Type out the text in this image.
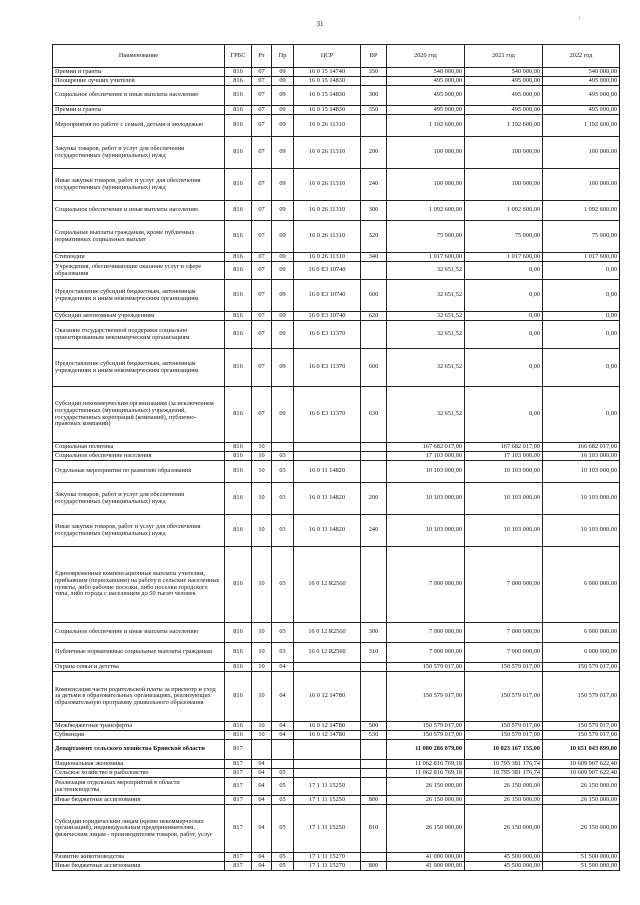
31
·
Наименование	ГРБС	Рз	Пр	ЦСР	ВР	2020 год	2021 год	2022 год
Премии и гранты	816	07	09	16 0 15 14740	350	540 000,00	540 000,00	540 000,00
Поощрение лучших учителей	816	07	09	16 0 15 14830		495 000,00	495 000,00	495 000,00
Социальное обеспечение и иные выплаты населению	816	07	09	16 0 15 14830	300	495 000,00	495 000,00	495 000,00
Премии и гранты	816	07	09	16 0 15 14830	350	495 000,00	495 000,00	495 000,00
Мероприятия по работе с семьей, детьми и молодежью	816	07	09	16 0 26 11310		1 192 600,00	1 192 600,00	1 192 600,00
Закупка товаров, работ и услуг для обеспечения государственных (муниципальных) нужд	816	07	09	16 0 26 11310	200	100 000,00	100 000,00	100 000,00
Иные закупки товаров, работ и услуг для обеспечения государственных (муниципальных) нужд	816	07	09	16 0 26 11310	240	100 000,00	100 000,00	100 000,00
Социальное обеспечение и иные выплаты населению	816	07	09	16 0 26 11310	300	1 092 600,00	1 092 600,00	1 092 600,00
Социальные выплаты гражданам, кроме публичных нормативных социальных выплат	816	07	09	16 0 26 11310	320	75 000,00	75 000,00	75 000,00
Стипендии	816	07	09	16 0 26 11310	340	1 017 600,00	1 017 600,00	1 017 600,00
Учреждения, обеспечивающие оказание услуг в сфере образования	816	07	09	16 0 Е3 10740		32 651,52	0,00	0,00
Предоставление субсидий бюджетным, автономным учреждениям и иным некоммерческим организациям	816	07	09	16 0 Е3 10740	600	32 651,52	0,00	0,00
Субсидии автономным учреждениям	816	07	09	16 0 Е3 10740	620	32 651,52	0,00	0,00
Оказание государственной поддержки социально ориентированным некоммерческим организациям	816	07	09	16 0 Е3 11370		32 651,52	0,00	0,00
Предоставление субсидий бюджетным, автономным учреждениям и иным некоммерческим организациям	816	07	09	16 0 Е3 11370	600	32 651,52	0,00	0,00
Субсидии некоммерческим организациям (за исключением государственных (муниципальных) учреждений, государственных корпораций (компаний), публично-правовых компаний)	816	07	09	16 0 Е3 11370	630	32 651,52	0,00	0,00
Социальная политика	816	10				167 682 017,00	167 682 017,00	166 682 017,00
Социальное обеспечение населения	816	10	03			17 103 000,00	17 103 000,00	16 103 000,00
Отдельные мероприятия по развитию образования	816	10	03	16 0 11 14820		10 103 000,00	10 103 000,00	10 103 000,00
Закупка товаров, работ и услуг для обеспечения государственных (муниципальных) нужд	816	10	03	16 0 11 14820	200	10 103 000,00	10 103 000,00	10 103 000,00
Иные закупки товаров, работ и услуг для обеспечения государственных (муниципальных) нужд	816	10	03	16 0 11 14820	240	10 103 000,00	10 103 000,00	10 103 000,00
Единовременные компенсационные выплаты учителям, прибывшим (переехавшим) на работу в сельские населенные пункты, либо рабочие поселки, либо поселки городского типа, либо города с населением до 50 тысяч человек	816	10	03	16 0 12 R2560		7 000 000,00	7 000 000,00	6 000 000,00
Социальное обеспечение и иные выплаты населению	816	10	03	16 0 12 R2560	300	7 000 000,00	7 000 000,00	6 000 000,00
Публичные нормативные социальные выплаты гражданам	816	10	03	16 0 12 R2560	310	7 000 000,00	7 000 000,00	6 000 000,00
Охрана семьи и детства	816	10	04			150 579 017,00	150 579 017,00	150 579 017,00
Компенсация части родительской платы за присмотр и уход за детьми в образовательных организациях, реализующих образовательную программу дошкольного образования	816	10	04	16 0 12 14780		150 579 017,00	150 579 017,00	150 579 017,00
Межбюджетные трансферты	816	10	04	16 0 12 14780	500	150 579 017,00	150 579 017,00	150 579 017,00
Субвенции	816	10	04	16 0 12 14780	530	150 579 017,00	150 579 017,00	150 579 017,00
Департамент сельского хозяйства Брянской области	817					11 080 286 079,00	10 823 167 155,00	10 651 043 899,00
Национальная экономика	817	04				11 062 816 769,18	10 795 381 176,74	10 609 907 622,40
Сельское хозяйство и рыболовство	817	04	05			11 062 816 769,18	10 795 381 176,74	10 609 907 622,40
Реализация отдельных мероприятий в области растениеводства	817	04	05	17 1 11 15250		26 150 000,00	26 150 000,00	26 150 000,00
Иные бюджетные ассигнования	817	04	05	17 1 11 15250	800	26 150 000,00	26 150 000,00	26 150 000,00
Субсидии юридическим лицам (кроме некоммерческих организаций), индивидуальным предпринимателям, физическим лицам - производителям товаров, работ, услуг	817	04	05	17 1 11 15250	810	26 150 000,00	26 150 000,00	26 150 000,00
Развитие животноводства	817	04	05	17 1 11 15270		41 000 000,00	45 500 000,00	51 500 000,00
Иные бюджетные ассигнования	817	04	05	17 1 11 15270	800	41 000 000,00	45 500 000,00	51 500 000,00
